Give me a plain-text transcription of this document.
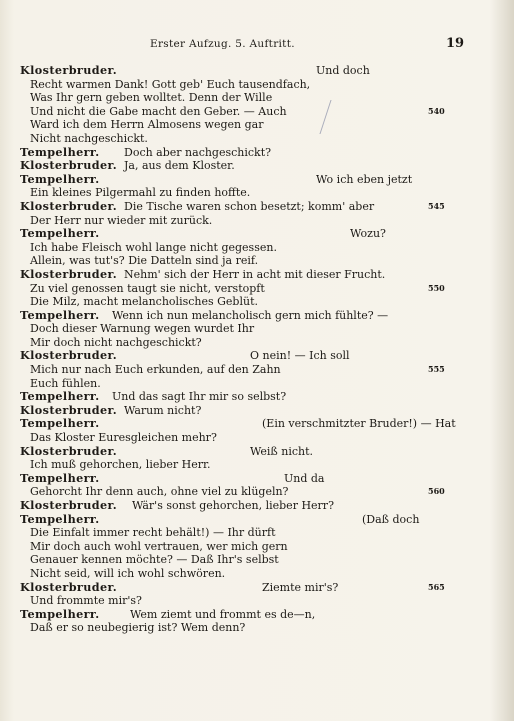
Erster Aufzug. 5. Auftritt.	19
Klosterbruder.	Und doch
Recht warmen Dank! Gott geb' Euch tausendfach,
Was Ihr gern geben wolltet. Denn der Wille
Und nicht die Gabe macht den Geber. — Auch	540
Ward ich dem Herrn Almosens wegen gar
Nicht nachgeschickt.
Tempelherr. Doch aber nachgeschickt?
Klosterbruder. Ja, aus dem Kloster.
Tempelherr.	Wo ich eben jetzt
Ein kleines Pilgermahl zu finden hoffte.
Klosterbruder. Die Tische waren schon besetzt; komm' aber	545
Der Herr nur wieder mit zurück.
Tempelherr.	Wozu?
Ich habe Fleisch wohl lange nicht gegessen.
Allein, was tut's? Die Datteln sind ja reif.
Klosterbruder. Nehm' sich der Herr in acht mit dieser Frucht.
Zu viel genossen taugt sie nicht, verstopft	550
Die Milz, macht melancholisches Geblüt.
Tempelherr. Wenn ich nun melancholisch gern mich fühlte? —
Doch dieser Warnung wegen wurdet Ihr
Mir doch nicht nachgeschickt?
Klosterbruder.	O nein! — Ich soll
Mich nur nach Euch erkunden, auf den Zahn	555
Euch fühlen.
Tempelherr. Und das sagt Ihr mir so selbst?
Klosterbruder. Warum nicht?
Tempelherr.	(Ein verschmitzter Bruder!) — Hat
Das Kloster Euresgleichen mehr?
Klosterbruder.	Weiß nicht.
Ich muß gehorchen, lieber Herr.
Tempelherr.	Und da
Gehorcht Ihr denn auch, ohne viel zu klügeln?	560
Klosterbruder. Wär's sonst gehorchen, lieber Herr?
Tempelherr.	(Daß doch
Die Einfalt immer recht behält!) — Ihr dürft
Mir doch auch wohl vertrauen, wer mich gern
Genauer kennen möchte? — Daß Ihr's selbst
Nicht seid, will ich wohl schwören.
Klosterbruder.	Ziemte mir's?	565
Und frommte mir's?
Tempelherr.	Wem ziemt und frommt es de—n,
Daß er so neubegierig ist? Wem denn?
